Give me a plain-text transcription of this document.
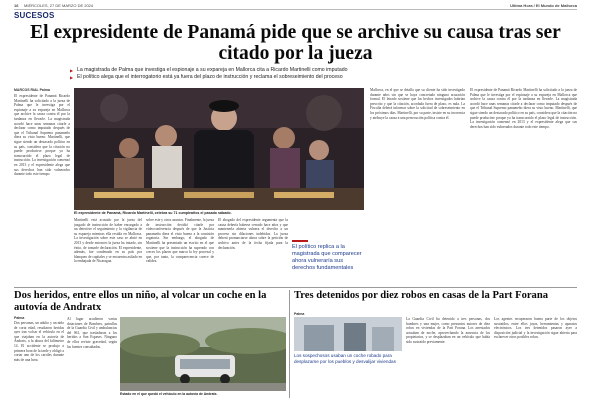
16 MIÉRCOLES, 27 DE MARZO DE 2024	Ultima Hora / El Mundo de Mallorca
SUCESOS
El expresidente de Panamá pide que se archive su causa tras ser citado por la jueza
▶ La magistrada de Palma que investiga el espionaje a su expareja en Mallorca cita a Ricardo Martinelli como imputado
▶ El político alega que el interrogatorio está ya fuera del plazo de instrucción y reclama el sobreseimiento del proceso
MARCOS RIAL Palma
El expresidente de Panamá Ricardo Martinelli ha solicitado a la jueza de Palma que le investiga por el espionaje a su expareja en Mallorca que archive la causa contra él por la tardanza en llevarle. La magistrada acordó hace unas semanas citarle a declarar como imputado después de que el Tribunal Supremo panameño diera su visto bueno. Martinelli, que sigue siendo un destacado político en su país, considera que la citación no puede producirse porque ya ha transcurrido el plazo legal de instrucción. La investigación comenzó en 2013 y el expresidente alega que sus derechos han sido vulnerados durante todo este tiempo.
El expresidente de Panamá, Ricardo Martinelli, celebra su 71 cumpleaños el pasado sábado.
Martinelli está acusado por la jueza del juzgado de instrucción de haber encargado a un detective el seguimiento y la vigilancia de su expareja mientras ella residía en Mallorca. La investigación sobre este caso se abrió en 2013 y desde entonces la jueza ha tratado, sin éxito, de tomarle declaración. El expresidente, además, fue condenado en su país por blanqueo de capitales y se encuentra asilado en la embajada de Nicaragua.
sobre este y otros asuntos. Finalmente, la jueza de instrucción decidió citarle por videoconferencia después de que la Justicia panameña diera el visto bueno a la comisión rogatoria. Sin embargo, el abogado de Martinelli ha presentado un escrito en el que sostiene que la instrucción ha superado con creces los plazos que marca la ley procesal y que, por tanto, la comparecencia carece de validez.
El abogado del expresidente argumenta que la causa debería haberse cerrado hace años y que mantenerla abierta vulnera el derecho a un proceso sin dilaciones indebidas. La jueza deberá pronunciarse ahora sobre la petición de archivo antes de la fecha fijada para la declaración.	El político replica a la magistrada que comparecer ahora vulneraría sus derechos fundamentales
Mallorca, en el que se detalla que su cliente ha sido investigado durante años sin que se haya concretado ninguna acusación formal. El letrado sostiene que los hechos investigados habrían prescrito y que la citación, acordada fuera de plazo, es nula. La Fiscalía deberá informar sobre la solicitud de sobreseimiento en los próximos días. Martinelli, por su parte, insiste en su inocencia y atribuye la causa a una persecución política contra él.
El expresidente de Panamá Ricardo Martinelli ha solicitado a la jueza de Palma que le investiga por el espionaje a su expareja en Mallorca que archive la causa contra él por la tardanza en llevarle. La magistrada acordó hace unas semanas citarle a declarar como imputado después de que el Tribunal Supremo panameño diera su visto bueno. Martinelli, que sigue siendo un destacado político en su país, considera que la citación no puede producirse porque ya ha transcurrido el plazo legal de instrucción. La investigación comenzó en 2013 y el expresidente alega que sus derechos han sido vulnerados durante todo este tiempo.
Dos heridos, entre ellos un niño, al volcar un coche en la autovía de Andratx
Palma
Dos personas, un adulto y un niño de corta edad, resultaron heridas ayer tras volcar el vehículo en el que viajaban en la autovía de Andratx, a la altura del kilómetro 14. El accidente se produjo a primera hora de la tarde y obligó a cortar uno de los carriles durante más de una hora.
Al lugar acudieron varias dotaciones de Bombers, patrullas de la Guardia Civil y ambulancias del 061, que trasladaron a los heridos a Son Espases. Ninguno de ellos reviste gravedad, según las fuentes consultadas.
Estado en el que quedó el vehículo en la autovía de Andratx.
Tres detenidos por diez robos en casas de la Part Forana
Palma
Los sospechosos usaban un coche robado para desplazarse por los pueblos y desvalijar viviendas
La Guardia Civil ha detenido a tres personas, dos hombres y una mujer, como presuntos autores de diez robos en viviendas de la Part Forana. Los arrestados actuaban de noche, aprovechando la ausencia de los propietarios, y se desplazaban en un vehículo que había sido sustraído previamente.
Los agentes recuperaron buena parte de los objetos sustraídos, entre ellos joyas, herramientas y aparatos electrónicos. Los tres detenidos pasaron ayer a disposición judicial y la investigación sigue abierta para esclarecer otros posibles robos.
